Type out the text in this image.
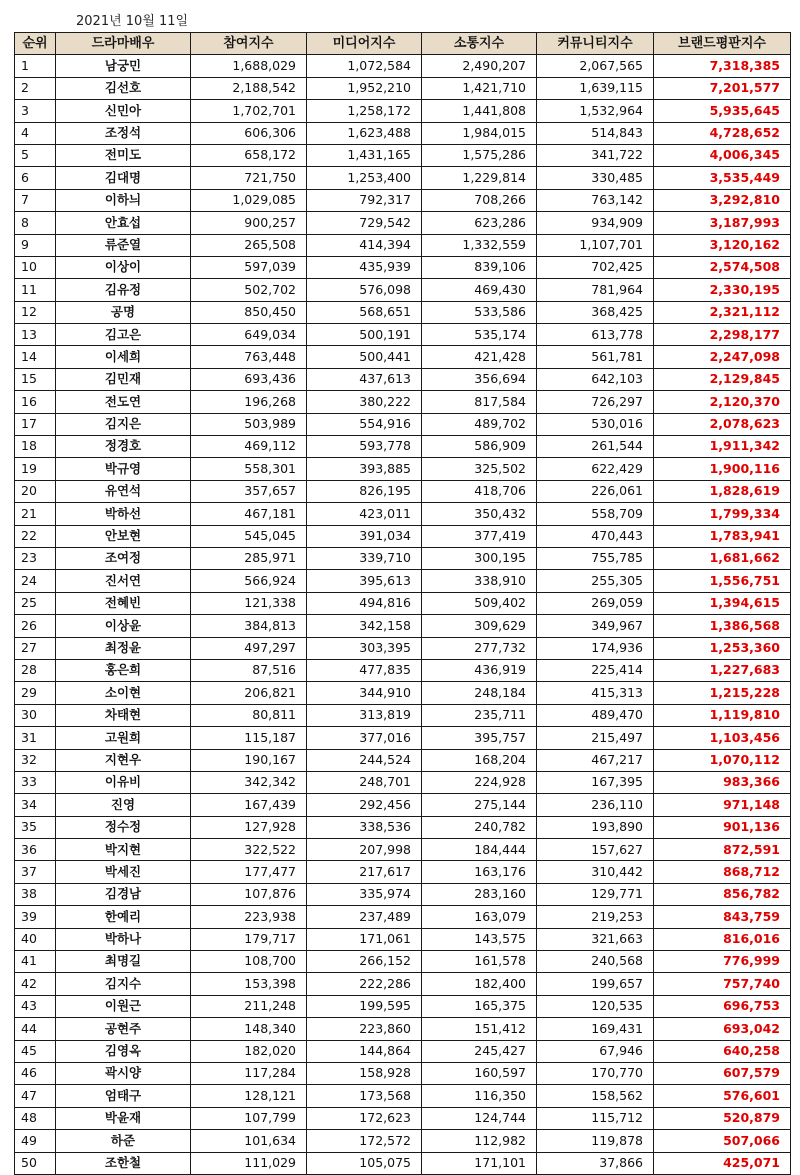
2021년 10월 11일
순위	드라마배우	참여지수	미디어지수	소통지수	커뮤니티지수	브랜드평판지수
1	남궁민	1,688,029	1,072,584	2,490,207	2,067,565	7,318,385
2	김선호	2,188,542	1,952,210	1,421,710	1,639,115	7,201,577
3	신민아	1,702,701	1,258,172	1,441,808	1,532,964	5,935,645
4	조정석	606,306	1,623,488	1,984,015	514,843	4,728,652
5	전미도	658,172	1,431,165	1,575,286	341,722	4,006,345
6	김대명	721,750	1,253,400	1,229,814	330,485	3,535,449
7	이하늬	1,029,085	792,317	708,266	763,142	3,292,810
8	안효섭	900,257	729,542	623,286	934,909	3,187,993
9	류준열	265,508	414,394	1,332,559	1,107,701	3,120,162
10	이상이	597,039	435,939	839,106	702,425	2,574,508
11	김유정	502,702	576,098	469,430	781,964	2,330,195
12	공명	850,450	568,651	533,586	368,425	2,321,112
13	김고은	649,034	500,191	535,174	613,778	2,298,177
14	이세희	763,448	500,441	421,428	561,781	2,247,098
15	김민재	693,436	437,613	356,694	642,103	2,129,845
16	전도연	196,268	380,222	817,584	726,297	2,120,370
17	김지은	503,989	554,916	489,702	530,016	2,078,623
18	정경호	469,112	593,778	586,909	261,544	1,911,342
19	박규영	558,301	393,885	325,502	622,429	1,900,116
20	유연석	357,657	826,195	418,706	226,061	1,828,619
21	박하선	467,181	423,011	350,432	558,709	1,799,334
22	안보현	545,045	391,034	377,419	470,443	1,783,941
23	조여정	285,971	339,710	300,195	755,785	1,681,662
24	진서연	566,924	395,613	338,910	255,305	1,556,751
25	전혜빈	121,338	494,816	509,402	269,059	1,394,615
26	이상윤	384,813	342,158	309,629	349,967	1,386,568
27	최정윤	497,297	303,395	277,732	174,936	1,253,360
28	홍은희	87,516	477,835	436,919	225,414	1,227,683
29	소이현	206,821	344,910	248,184	415,313	1,215,228
30	차태현	80,811	313,819	235,711	489,470	1,119,810
31	고원희	115,187	377,016	395,757	215,497	1,103,456
32	지현우	190,167	244,524	168,204	467,217	1,070,112
33	이유비	342,342	248,701	224,928	167,395	983,366
34	진영	167,439	292,456	275,144	236,110	971,148
35	정수정	127,928	338,536	240,782	193,890	901,136
36	박지현	322,522	207,998	184,444	157,627	872,591
37	박세진	177,477	217,617	163,176	310,442	868,712
38	김경남	107,876	335,974	283,160	129,771	856,782
39	한예리	223,938	237,489	163,079	219,253	843,759
40	박하나	179,717	171,061	143,575	321,663	816,016
41	최명길	108,700	266,152	161,578	240,568	776,999
42	김지수	153,398	222,286	182,400	199,657	757,740
43	이원근	211,248	199,595	165,375	120,535	696,753
44	공현주	148,340	223,860	151,412	169,431	693,042
45	김영옥	182,020	144,864	245,427	67,946	640,258
46	곽시양	117,284	158,928	160,597	170,770	607,579
47	엄태구	128,121	173,568	116,350	158,562	576,601
48	박윤재	107,799	172,623	124,744	115,712	520,879
49	하준	101,634	172,572	112,982	119,878	507,066
50	조한철	111,029	105,075	171,101	37,866	425,071
